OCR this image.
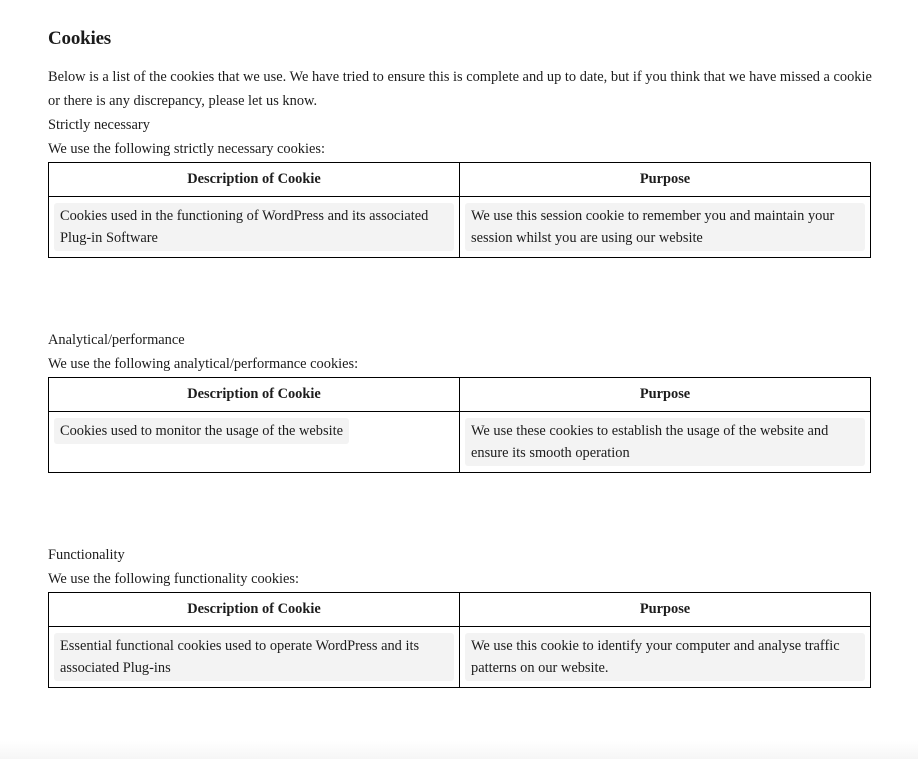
Cookies

Below is a list of the cookies that we use. We have tried to ensure this is complete and up to date, but if you think that we have missed a cookie or there is any discrepancy, please let us know.

Strictly necessary

We use the following strictly necessary cookies:

Description of Cookie	Purpose

Cookies used in the functioning of WordPress and its associated Plug-in Software	We use this session cookie to remember you and maintain your session whilst you are using our website

Analytical/performance

We use the following analytical/performance cookies:

Description of Cookie	Purpose
Cookies used to monitor the usage of the website	We use these cookies to establish the usage of the website and ensure its smooth operation

Functionality

We use the following functionality cookies:

Description of Cookie	Purpose

Essential functional cookies used to operate WordPress and its associated Plug-ins	We use this cookie to identify your computer and analyse traffic patterns on our website.
